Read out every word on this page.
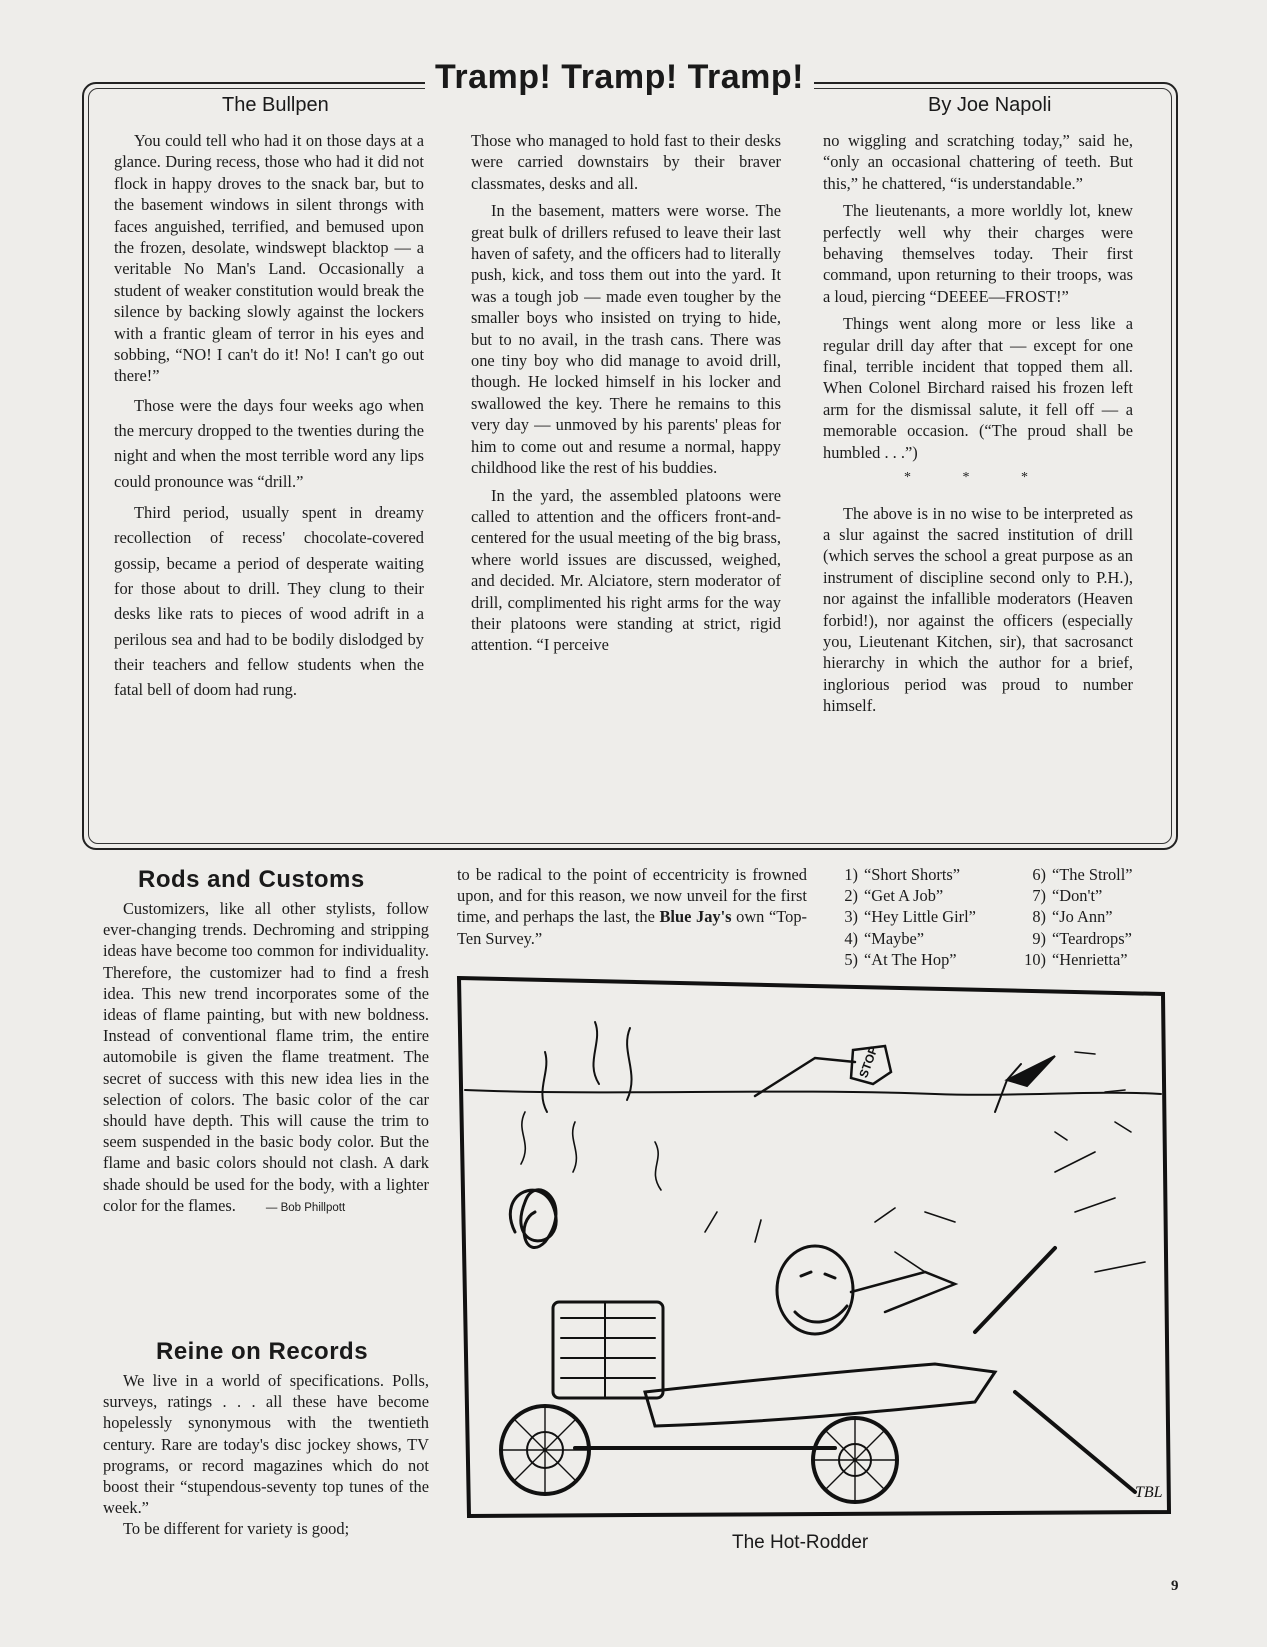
Tramp! Tramp! Tramp!
The Bullpen	By Joe Napoli

You could tell who had it on those days at a glance. During recess, those who had it did not flock in happy droves to the snack bar, but to the basement windows in silent throngs with faces anguished, terrified, and bemused upon the frozen, desolate, windswept blacktop — a veritable No Man's Land. Occasionally a student of weaker constitution would break the silence by backing slowly against the lockers with a frantic gleam of terror in his eyes and sobbing, “NO! I can't do it! No! I can't go out there!”

Those were the days four weeks ago when the mercury dropped to the twenties during the night and when the most terrible word any lips could pronounce was “drill.”

Third period, usually spent in dreamy recollection of recess' chocolate-covered gossip, became a period of desperate waiting for those about to drill. They clung to their desks like rats to pieces of wood adrift in a perilous sea and had to be bodily dislodged by their teachers and fellow students when the fatal bell of doom had rung.

Those who managed to hold fast to their desks were carried downstairs by their braver classmates, desks and all.

In the basement, matters were worse. The great bulk of drillers refused to leave their last haven of safety, and the officers had to literally push, kick, and toss them out into the yard. It was a tough job — made even tougher by the smaller boys who insisted on trying to hide, but to no avail, in the trash cans. There was one tiny boy who did manage to avoid drill, though. He locked himself in his locker and swallowed the key. There he remains to this very day — unmoved by his parents' pleas for him to come out and resume a normal, happy childhood like the rest of his buddies.

In the yard, the assembled platoons were called to attention and the officers front-and-centered for the usual meeting of the big brass, where world issues are discussed, weighed, and decided. Mr. Alciatore, stern moderator of drill, complimented his right arms for the way their platoons were standing at strict, rigid attention. “I perceive

no wiggling and scratching today,” said he, “only an occasional chattering of teeth. But this,” he chattered, “is understandable.”

The lieutenants, a more worldly lot, knew perfectly well why their charges were behaving themselves today. Their first command, upon returning to their troops, was a loud, piercing “DEEEE—FROST!”

Things went along more or less like a regular drill day after that — except for one final, terrible incident that topped them all. When Colonel Birchard raised his frozen left arm for the dismissal salute, it fell off — a memorable occasion. (“The proud shall be humbled . . .”)

* * *

The above is in no wise to be interpreted as a slur against the sacred institution of drill (which serves the school a great purpose as an instrument of discipline second only to P.H.), nor against the infallible moderators (Heaven forbid!), nor against the officers (especially you, Lieutenant Kitchen, sir), that sacrosanct hierarchy in which the author for a brief, inglorious period was proud to number himself.

Rods and Customs

Customizers, like all other stylists, follow ever-changing trends. Dechroming and stripping ideas have become too common for individuality. Therefore, the customizer had to find a fresh idea. This new trend incorporates some of the ideas of flame painting, but with new boldness. Instead of conventional flame trim, the entire automobile is given the flame treatment. The secret of success with this new idea lies in the selection of colors. The basic color of the car should have depth. This will cause the trim to seem suspended in the basic body color. But the flame and basic colors should not clash. A dark shade should be used for the body, with a lighter color for the flames.	— Bob Phillpott

Reine on Records

We live in a world of specifications. Polls, surveys, ratings . . . all these have become hopelessly synonymous with the twentieth century. Rare are today's disc jockey shows, TV programs, or record magazines which do not boost their “stupendous-seventy top tunes of the week.”

To be different for variety is good;

to be radical to the point of eccentricity is frowned upon, and for this reason, we now unveil for the first time, and perhaps the last, the Blue Jay's own “Top-Ten Survey.”

1) “Short Shorts”	6) “The Stroll”
2) “Get A Job”	7) “Don't”
3) “Hey Little Girl”	8) “Jo Ann”
4) “Maybe”	9) “Teardrops”
5) “At The Hop”	10) “Henrietta”
STOP
TBL
The Hot-Rodder
9
